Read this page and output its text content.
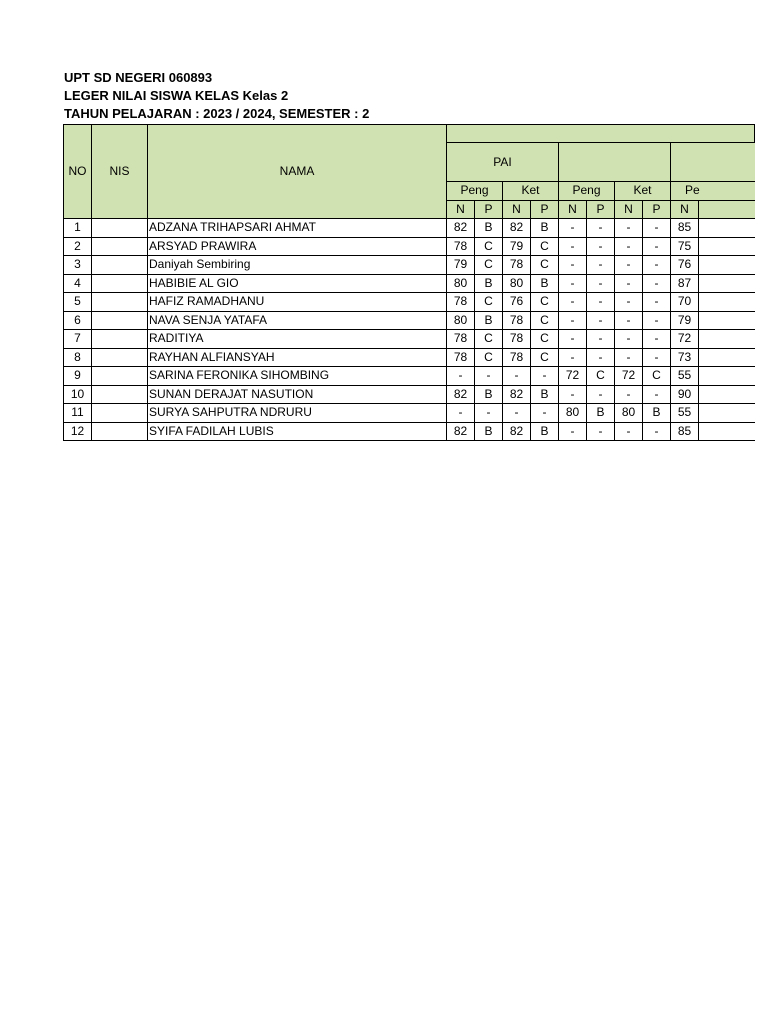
UPT SD NEGERI 060893
LEGER NILAI SISWA KELAS Kelas 2
TAHUN PELAJARAN : 2023 / 2024, SEMESTER : 2
NO	NIS	NAMA										
			PAI									
			Peng		Ket		Peng		Ket		Pe	
			N	P	N	P	N	P	N	P	N	
1		ADZANA TRIHAPSARI AHMAT	82	B	82	B	-	-	-	-	85	
2		ARSYAD PRAWIRA	78	C	79	C	-	-	-	-	75	
3		Daniyah Sembiring	79	C	78	C	-	-	-	-	76	
4		HABIBIE AL GIO	80	B	80	B	-	-	-	-	87	
5		HAFIZ RAMADHANU	78	C	76	C	-	-	-	-	70	
6		NAVA SENJA YATAFA	80	B	78	C	-	-	-	-	79	
7		RADITIYA	78	C	78	C	-	-	-	-	72	
8		RAYHAN ALFIANSYAH	78	C	78	C	-	-	-	-	73	
9		SARINA FERONIKA SIHOMBING	-	-	-	-	72	C	72	C	55	
10		SUNAN DERAJAT NASUTION	82	B	82	B	-	-	-	-	90	
11		SURYA SAHPUTRA NDRURU	-	-	-	-	80	B	80	B	55	
12		SYIFA FADILAH LUBIS	82	B	82	B	-	-	-	-	85	
